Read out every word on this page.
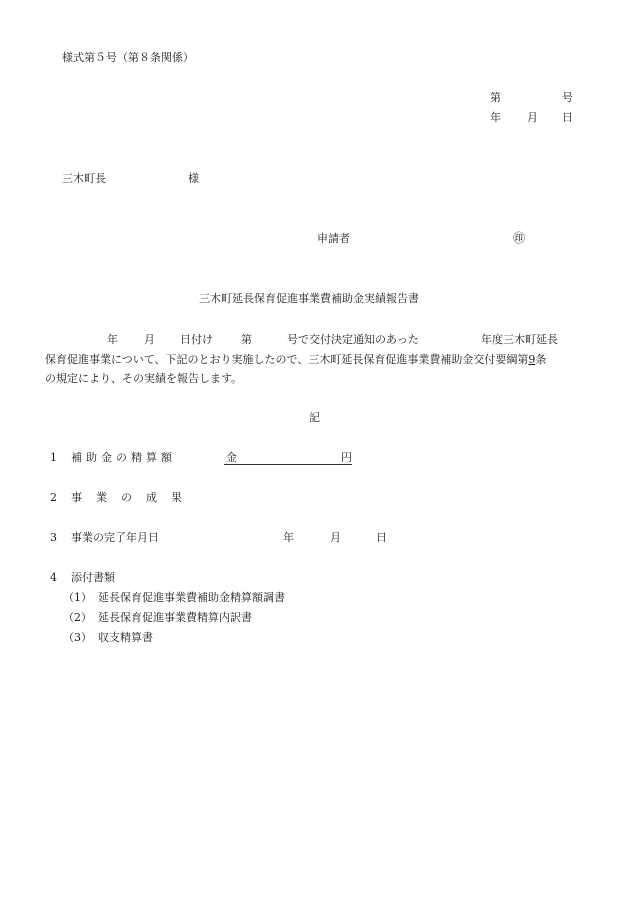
様式第５号（第８条関係）
第	号
年 月 日
三木町長	様
申請者	㊞
三木町延長保育促進事業費補助金実績報告書
年 月 日付け	第	号で交付決定通知のあった	年度三木町延長
保育促進事業について、下記のとおり実施したので、三木町延長保育促進事業費補助金交付要綱第9条
の規定により、その実績を報告します。
記
1 補助金の精算額	金	円
2 事業の成果
3 事業の完了年月日	年	月	日
4 添付書類
（1） 延長保育促進事業費補助金精算額調書
（2） 延長保育促進事業費精算内訳書
（3） 収支精算書
